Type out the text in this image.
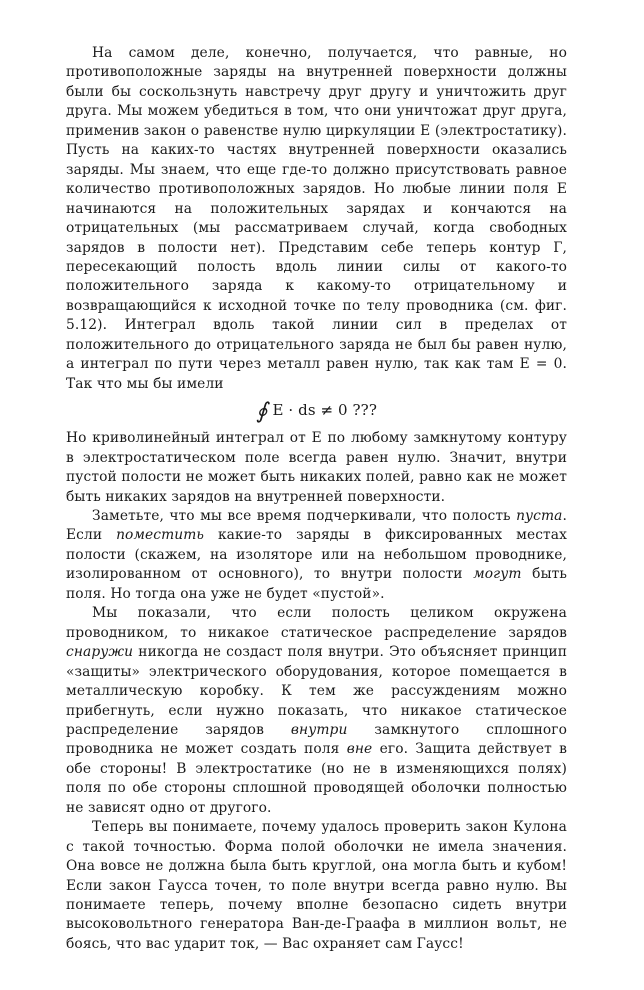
На самом деле, конечно, получается, что равные, но противоположные заряды на внутренней поверхности должны были бы соскользнуть навстречу друг другу и уничтожить друг друга. Мы можем убедиться в том, что они уничтожат друг друга, применив закон о равенстве нулю циркуляции E (электростатику). Пусть на каких-то частях внутренней поверхности оказались заряды. Мы знаем, что еще где-то должно присутствовать равное количество противоположных зарядов. Но любые линии поля E начинаются на положительных зарядах и кончаются на отрицательных (мы рассматриваем случай, когда свободных зарядов в полости нет). Представим себе теперь контур Г, пересекающий полость вдоль линии силы от какого-то положительного заряда к какому-то отрицательному и возвращающийся к исходной точке по телу проводника (см. фиг. 5.12). Интеграл вдоль такой линии сил в пределах от положительного до отрицательного заряда не был бы равен нулю, а интеграл по пути через металл равен нулю, так как там E = 0. Так что мы бы имели

∮ E · ds ≠ 0 ???

Но криволинейный интеграл от E по любому замкнутому контуру в электростатическом поле всегда равен нулю. Значит, внутри пустой полости не может быть никаких полей, равно как не может быть никаких зарядов на внутренней поверхности.

Заметьте, что мы все время подчеркивали, что полость пуста. Если поместить какие-то заряды в фиксированных местах полости (скажем, на изоляторе или на небольшом проводнике, изолированном от основного), то внутри полости могут быть поля. Но тогда она уже не будет «пустой».

Мы показали, что если полость целиком окружена проводником, то никакое статическое распределение зарядов снаружи никогда не создаст поля внутри. Это объясняет принцип «защиты» электрического оборудования, которое помещается в металлическую коробку. К тем же рассуждениям можно прибегнуть, если нужно показать, что никакое статическое распределение зарядов внутри замкнутого сплошного проводника не может создать поля вне его. Защита действует в обе стороны! В электростатике (но не в изменяющихся полях) поля по обе стороны сплошной проводящей оболочки полностью не зависят одно от другого.

Теперь вы понимаете, почему удалось проверить закон Кулона с такой точностью. Форма полой оболочки не имела значения. Она вовсе не должна была быть круглой, она могла быть и кубом! Если закон Гаусса точен, то поле внутри всегда равно нулю. Вы понимаете теперь, почему вполне безопасно сидеть внутри высоковольтного генератора Ван-де-Граафа в миллион вольт, не боясь, что вас ударит ток, — Вас охраняет сам Гаусс!
